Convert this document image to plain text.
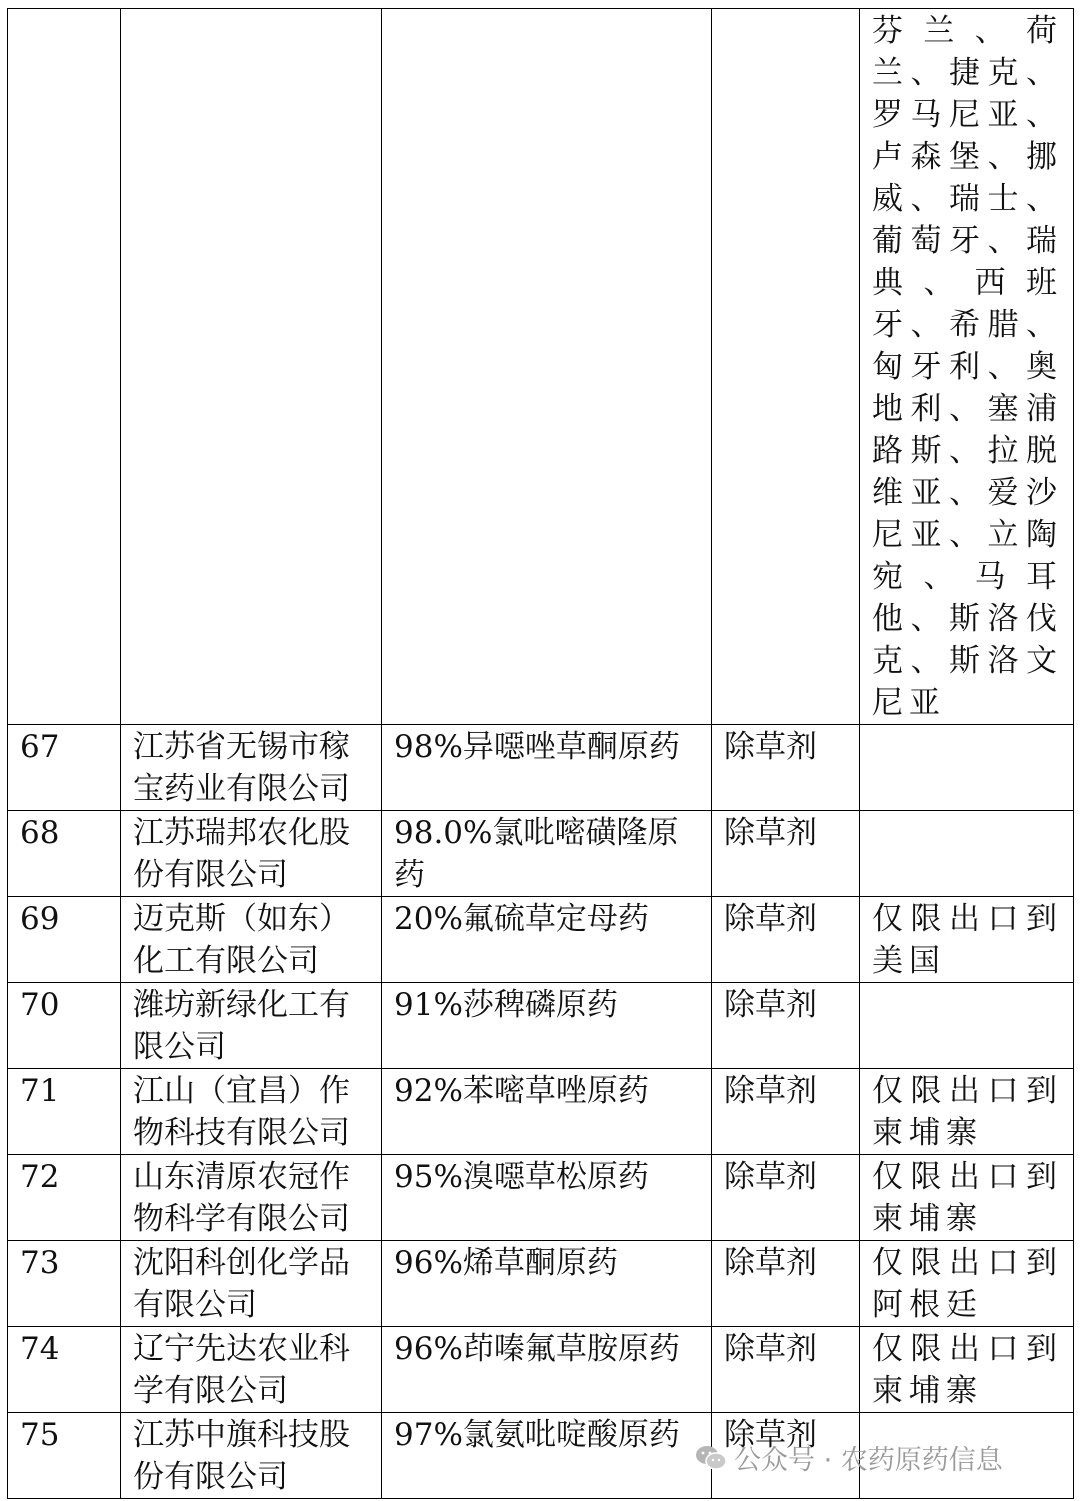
				芬兰、荷兰、捷克、罗马尼亚、卢森堡、挪威、瑞士、葡萄牙、瑞典、西班牙、希腊、匈牙利、奥地利、塞浦路斯、拉脱维亚、爱沙尼亚、立陶宛、马耳他、斯洛伐克、斯洛文尼亚
67	江苏省无锡市稼宝药业有限公司	98%异噁唑草酮原药	除草剂	
68	江苏瑞邦农化股份有限公司	98.0%氯吡嘧磺隆原药	除草剂	
69	迈克斯（如东）化工有限公司	20%氟硫草定母药	除草剂	仅限出口到美国
70	潍坊新绿化工有限公司	91%莎稗磷原药	除草剂	
71	江山（宜昌）作物科技有限公司	92%苯嘧草唑原药	除草剂	仅限出口到柬埔寨
72	山东清原农冠作物科学有限公司	95%溴噁草松原药	除草剂	仅限出口到柬埔寨
73	沈阳科创化学品有限公司	96%烯草酮原药	除草剂	仅限出口到阿根廷
74	辽宁先达农业科学有限公司	96%茚嗪氟草胺原药	除草剂	仅限出口到柬埔寨
75	江苏中旗科技股份有限公司	97%氯氨吡啶酸原药	除草剂	
公众号 · 农药原药信息
